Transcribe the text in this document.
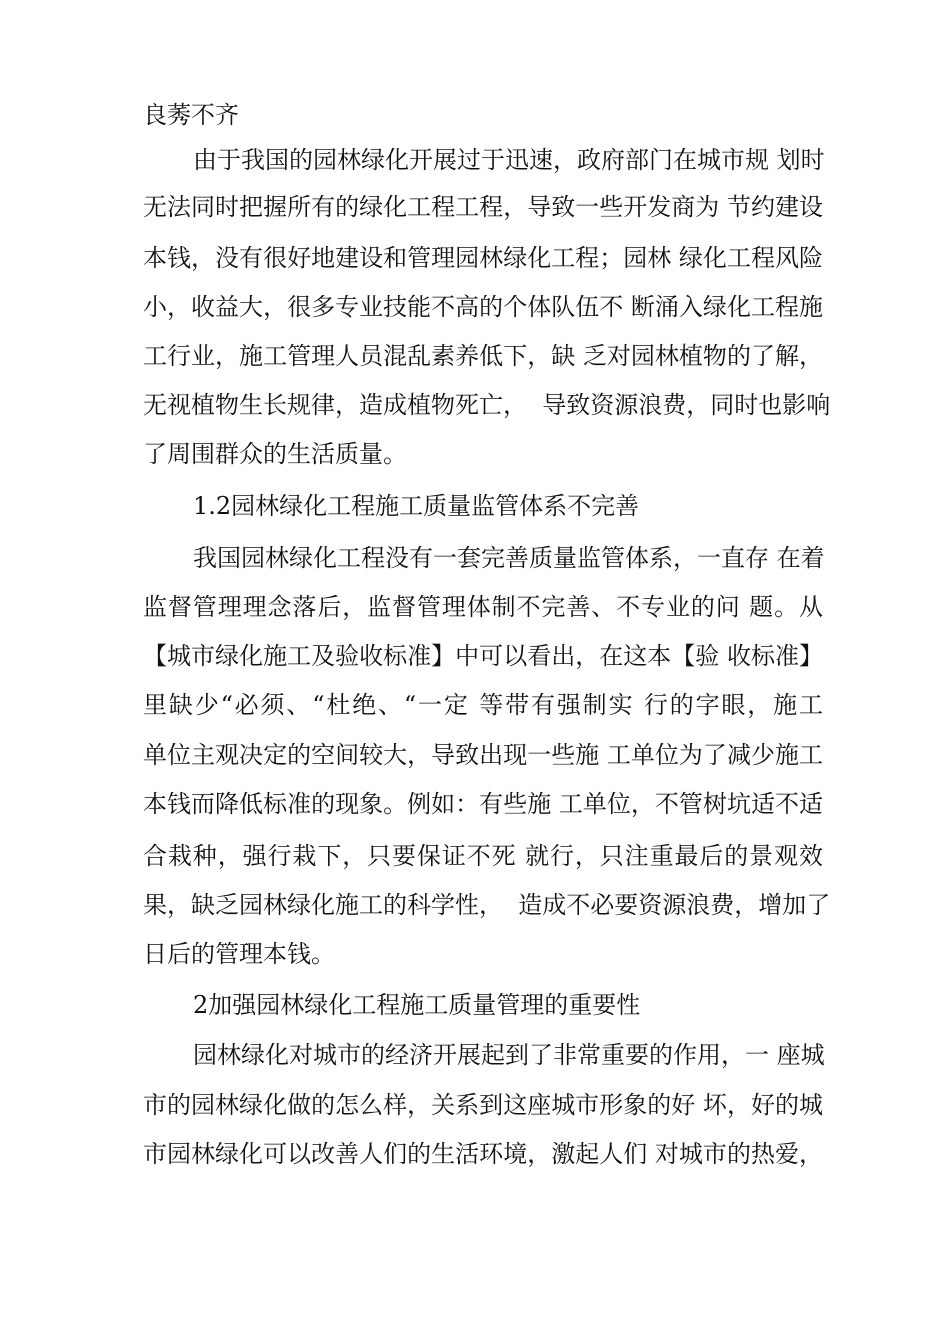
良莠不齐
由于我国的园林绿化开展过于迅速，政府部门在城市规 划时
无法同时把握所有的绿化工程工程，导致一些开发商为 节约建设
本钱，没有很好地建设和管理园林绿化工程；园林 绿化工程风险
小，收益大，很多专业技能不高的个体队伍不 断涌入绿化工程施
工行业，施工管理人员混乱素养低下，缺 乏对园林植物的了解，
无视植物生长规律，造成植物死亡，  导致资源浪费，同时也影响
了周围群众的生活质量。
1.2园林绿化工程施工质量监管体系不完善
我国园林绿化工程没有一套完善质量监管体系，一直存 在着
监督管理理念落后，监督管理体制不完善、不专业的问 题。从
【城市绿化施工及验收标准】中可以看出，在这本【验 收标准】
里缺少“必须、“杜绝、“一定 等带有强制实 行的字眼，施工
单位主观决定的空间较大，导致出现一些施 工单位为了减少施工
本钱而降低标准的现象。例如：有些施 工单位，不管树坑适不适
合栽种，强行栽下，只要保证不死 就行，只注重最后的景观效
果，缺乏园林绿化施工的科学性，  造成不必要资源浪费，增加了
日后的管理本钱。
2加强园林绿化工程施工质量管理的重要性
园林绿化对城市的经济开展起到了非常重要的作用，一 座城
市的园林绿化做的怎么样，关系到这座城市形象的好 坏，好的城
市园林绿化可以改善人们的生活环境，激起人们 对城市的热爱，
